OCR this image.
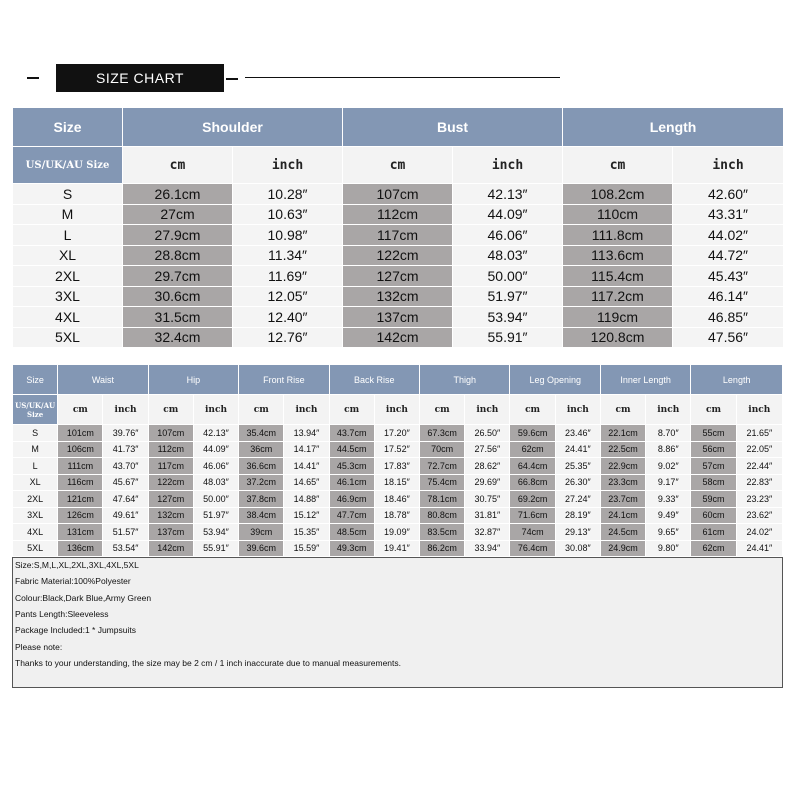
SIZE CHART
Size	Shoulder		Bust		Length	
US/UK/AU Size	cm	inch	cm	inch	cm	inch
S	26.1cm	10.28″	107cm	42.13″	108.2cm	42.60″
M	27cm	10.63″	112cm	44.09″	110cm	43.31″
L	27.9cm	10.98″	117cm	46.06″	111.8cm	44.02″
XL	28.8cm	11.34″	122cm	48.03″	113.6cm	44.72″
2XL	29.7cm	11.69″	127cm	50.00″	115.4cm	45.43″
3XL	30.6cm	12.05″	132cm	51.97″	117.2cm	46.14″
4XL	31.5cm	12.40″	137cm	53.94″	119cm	46.85″
5XL	32.4cm	12.76″	142cm	55.91″	120.8cm	47.56″
Size	Waist		Hip		Front Rise		Back Rise		Thigh		Leg Opening		Inner Length		Length	
US/UK/AU Size	cm	inch	cm	inch	cm	inch	cm	inch	cm	inch	cm	inch	cm	inch	cm	inch
S	101cm	39.76″	107cm	42.13″	35.4cm	13.94″	43.7cm	17.20″	67.3cm	26.50″	59.6cm	23.46″	22.1cm	8.70″	55cm	21.65″
M	106cm	41.73″	112cm	44.09″	36cm	14.17″	44.5cm	17.52″	70cm	27.56″	62cm	24.41″	22.5cm	8.86″	56cm	22.05″
L	111cm	43.70″	117cm	46.06″	36.6cm	14.41″	45.3cm	17.83″	72.7cm	28.62″	64.4cm	25.35″	22.9cm	9.02″	57cm	22.44″
XL	116cm	45.67″	122cm	48.03″	37.2cm	14.65″	46.1cm	18.15″	75.4cm	29.69″	66.8cm	26.30″	23.3cm	9.17″	58cm	22.83″
2XL	121cm	47.64″	127cm	50.00″	37.8cm	14.88″	46.9cm	18.46″	78.1cm	30.75″	69.2cm	27.24″	23.7cm	9.33″	59cm	23.23″
3XL	126cm	49.61″	132cm	51.97″	38.4cm	15.12″	47.7cm	18.78″	80.8cm	31.81″	71.6cm	28.19″	24.1cm	9.49″	60cm	23.62″
4XL	131cm	51.57″	137cm	53.94″	39cm	15.35″	48.5cm	19.09″	83.5cm	32.87″	74cm	29.13″	24.5cm	9.65″	61cm	24.02″
5XL	136cm	53.54″	142cm	55.91″	39.6cm	15.59″	49.3cm	19.41″	86.2cm	33.94″	76.4cm	30.08″	24.9cm	9.80″	62cm	24.41″
Size:S,M,L,XL,2XL,3XL,4XL,5XL
Fabric Material:100%Polyester
Colour:Black,Dark Blue,Army Green
Pants Length:Sleeveless
Package Included:1 * Jumpsuits
Please note:
Thanks to your understanding, the size may be 2 cm / 1 inch inaccurate due to manual measurements.
